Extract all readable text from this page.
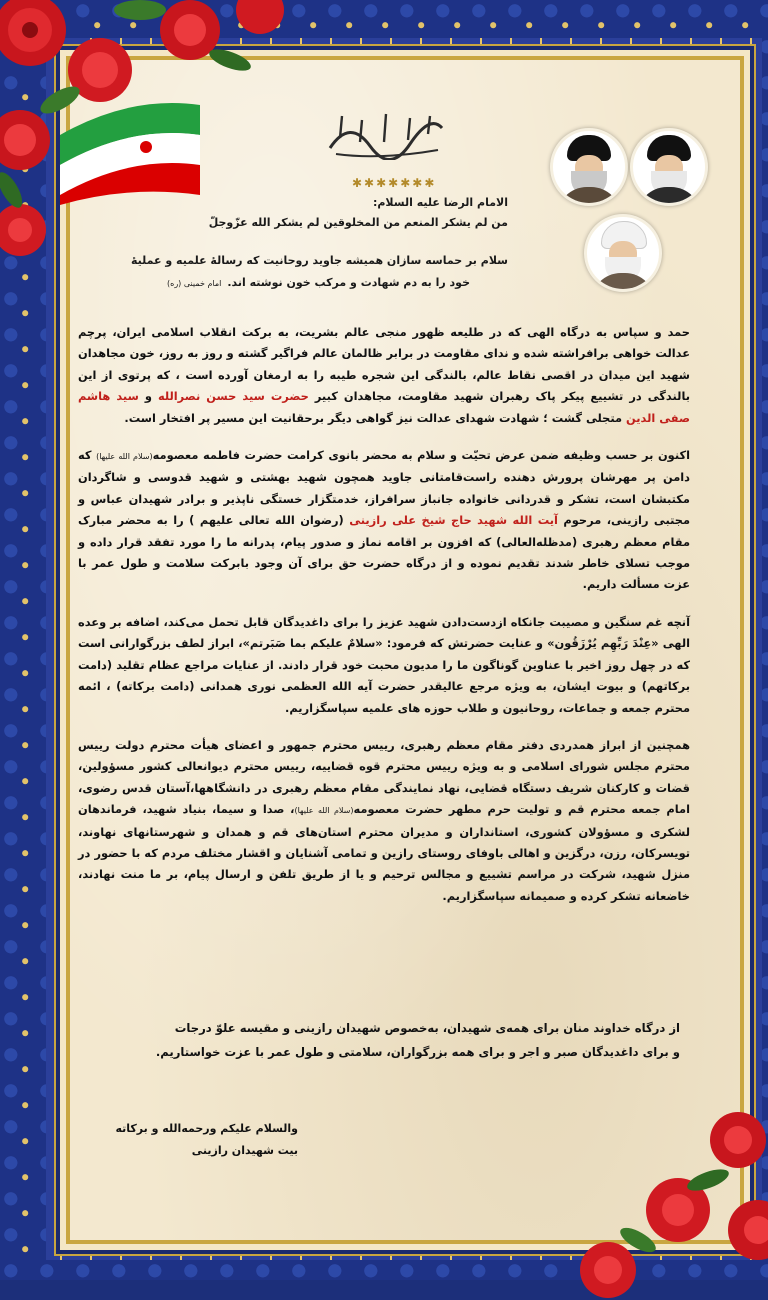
بسم الله الرحمن الرحیم
✱✱✱✱✱✱✱
الامام الرضا علیه السلام:
من لم یشکر المنعم من المخلوقین لم یشکر الله عزّوجلّ
سلام بر حماسه سازان همیشه جاوید روحانیت که رسالۀ علمیه و عملیۀ
خود را به دم شهادت و مرکب خون نوشته اند.امام خمینی (ره)

حمد و سپاس به درگاه الهی که در طلیعه ظهور منجی عالم بشریت، به برکت انقلاب اسلامی ایران، پرچم عدالت خواهی برافراشته شده و ندای مقاومت در برابر ظالمان عالم فراگیر گشته و روز به روز، خون مجاهدان شهید این میدان در اقصی نقاط عالم، بالندگی این شجره طیبه را به ارمغان آورده است ، که پرتوی از این بالندگی در تشییع پیکر پاک رهبران شهید مقاومت، مجاهدان کبیر حضرت سید حسن نصرالله و سید هاشم صفی الدین متجلی گشت ؛ شهادت شهدای عدالت نیز گواهی دیگر برحقانیت این مسیر پر افتخار است.

اکنون بر حسب وظیفه ضمن عرض تحیّت و سلام به محضر بانوی کرامت حضرت فاطمه معصومه(سلام الله علیها) که دامن پر مهرشان پرورش دهنده راست‌قامتانی جاوید همچون شهید بهشتی و شهید قدوسی و شاگردان مکتبشان است، تشکر و قدردانی خانواده جانباز سرافراز، خدمتگزار خستگی ناپذیر و برادر شهیدان عباس و مجتبی رازینی، مرحوم آیت الله شهید حاج شیخ علی رازینی (رضوان الله تعالی علیهم ) را به محضر مبارک مقام معظم رهبری (مدظله‌العالی) که افزون بر اقامه نماز و صدور پیام، پدرانه ما را مورد تفقد قرار داده و موجب تسلای خاطر شدند تقدیم نموده و از درگاه حضرت حق برای آن وجود بابرکت سلامت و طول عمر با عزت مسألت داریم.

آنچه غم سنگین و مصیبت جانکاه ازدست‌دادن شهید عزیز را برای داغدیدگان قابل تحمل می‌کند، اضافه بر وعده الهی «عِنْدَ رَبِّهِم یُرْزَقُون» و عنایت حضرتش که فرمود: «سلامٌ علیکم بما صَبَرتم»، ابراز لطف بزرگوارانی است که در چهل روز اخیر با عناوین گوناگون ما را مدیون محبت خود قرار دادند. از عنایات مراجع عظام تقلید (دامت برکاتهم) و بیوت ایشان، به ویژه مرجع عالیقدر حضرت آیه الله العظمی نوری همدانی (دامت برکاته) ، ائمه محترم جمعه و جماعات، روحانیون و طلاب حوزه های علمیه سپاسگزاریم.

همچنین از ابراز همدردی دفتر مقام معظم رهبری، رییس محترم جمهور و اعضای هیأت محترم دولت رییس محترم مجلس شورای اسلامی و به ویژه رییس محترم قوه قضاییه، رییس محترم دیوانعالی کشور مسؤولین، قضات و کارکنان شریف دستگاه قضایی، نهاد نمایندگی مقام معظم رهبری در دانشگاهها،آستان قدس رضوی، امام جمعه محترم قم و تولیت حرم مطهر حضرت معصومه(سلام الله علیها)، صدا و سیما، بنیاد شهید، فرماندهان لشکری و مسؤولان کشوری، استانداران و مدیران محترم استان‌های قم و همدان و شهرستانهای نهاوند، تویسرکان، رزن، درگزین و اهالی باوفای روستای رازین و تمامی آشنایان و اقشار مختلف مردم که با حضور در منزل شهید، شرکت در مراسم تشییع و مجالس ترحیم و یا از طریق تلفن و ارسال پیام، بر ما منت نهادند، خاضعانه تشکر کرده و صمیمانه سپاسگزاریم.

از درگاه خداوند منان برای همه‌ی شهیدان، بەخصوص شهیدان رازینی و مقیسه علوّ درجات
و برای داغدیدگان صبر و اجر و برای همه بزرگواران، سلامتی و طول عمر با عزت خواستاریم.
والسلام علیکم ورحمه‌الله و برکاته
بیت شهیدان رازینی
